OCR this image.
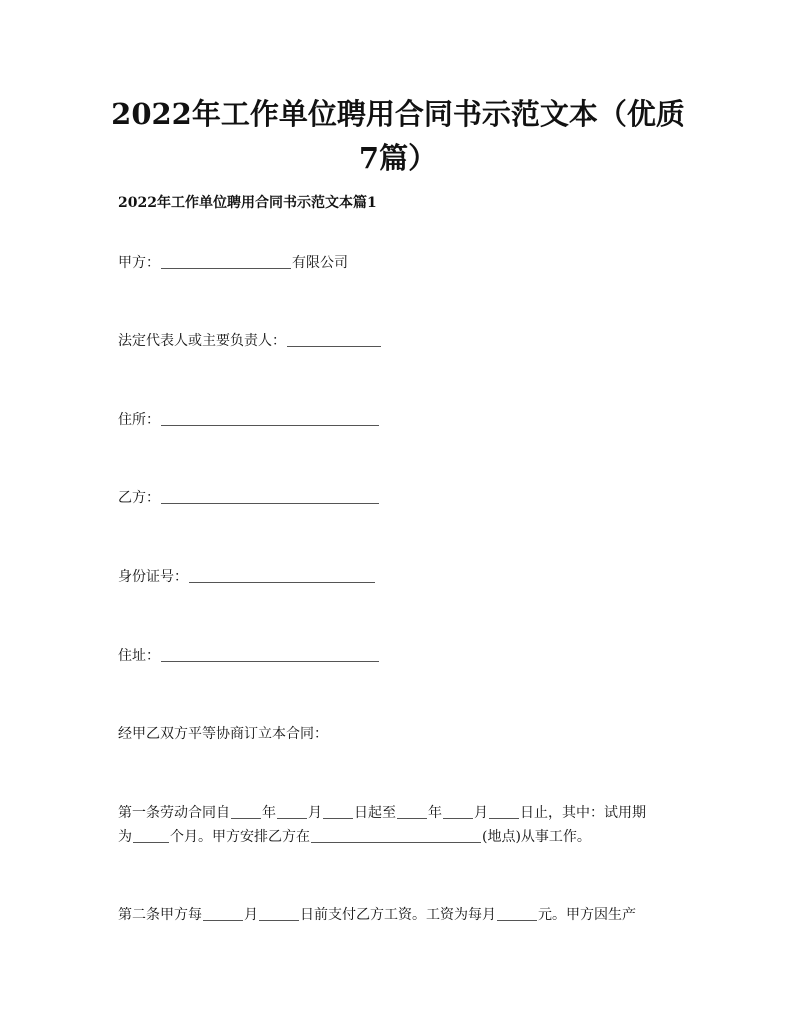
2022年工作单位聘用合同书示范文本（优质
7篇）
2022年工作单位聘用合同书示范文本篇1

甲方：	有限公司

法定代表人或主要负责人：

住所：

乙方：

身份证号：

住址：

经甲乙双方平等协商订立本合同：

第一条劳动合同自 年 月 日起至 年 月 日止，其中：试用期

为	个月。甲方安排乙方在	(地点)从事工作。

第二条甲方每	月	日前支付乙方工资。工资为每月	元。甲方因生产
